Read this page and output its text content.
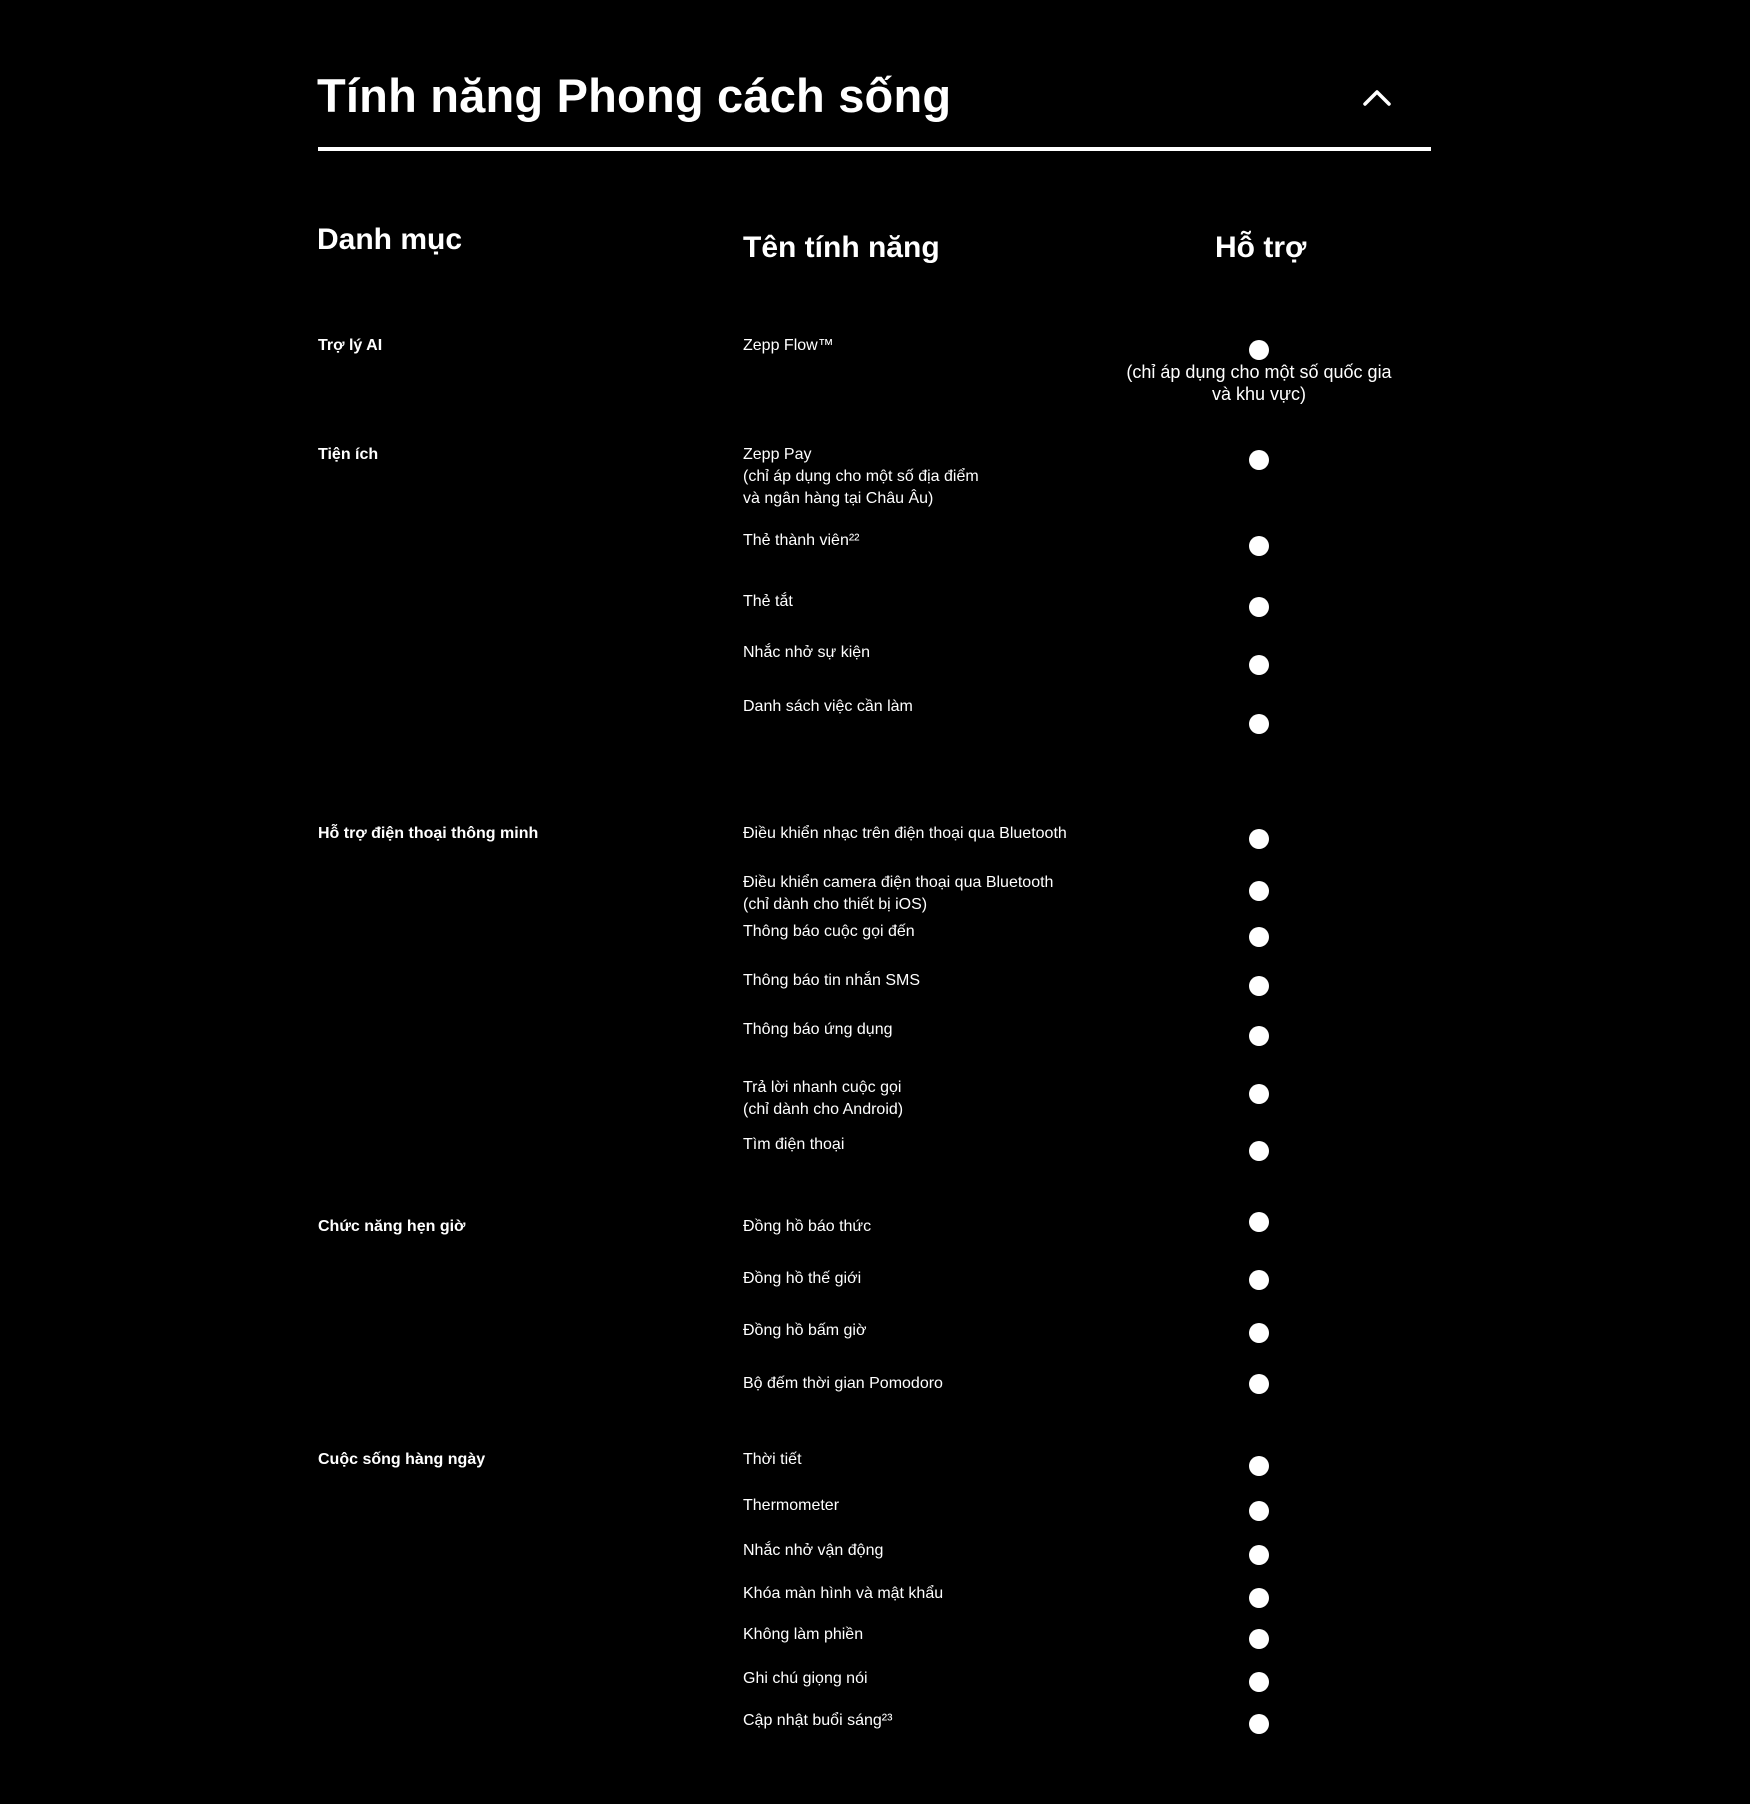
Tính năng Phong cách sống
Danh mục	Tên tính năng	Hỗ trợ
Trợ lý AI
Tiện ích
Hỗ trợ điện thoại thông minh
Chức năng hẹn giờ
Cuộc sống hàng ngày
Zepp Flow™
Zepp Pay
(chỉ áp dụng cho một số địa điểm
và ngân hàng tại Châu Âu)
Thẻ thành viên²²
Thẻ tắt
Nhắc nhở sự kiện
Danh sách việc cần làm
Điều khiển nhạc trên điện thoại qua Bluetooth
Điều khiển camera điện thoại qua Bluetooth
(chỉ dành cho thiết bị iOS)
Thông báo cuộc gọi đến
Thông báo tin nhắn SMS
Thông báo ứng dụng
Trả lời nhanh cuộc gọi
(chỉ dành cho Android)
Tìm điện thoại
Đồng hồ báo thức
Đồng hồ thế giới
Đồng hồ bấm giờ
Bộ đếm thời gian Pomodoro
Thời tiết
Thermometer
Nhắc nhở vận động
Khóa màn hình và mật khẩu
Không làm phiền
Ghi chú giọng nói
Cập nhật buổi sáng²³
(chỉ áp dụng cho một số quốc gia
và khu vực)
